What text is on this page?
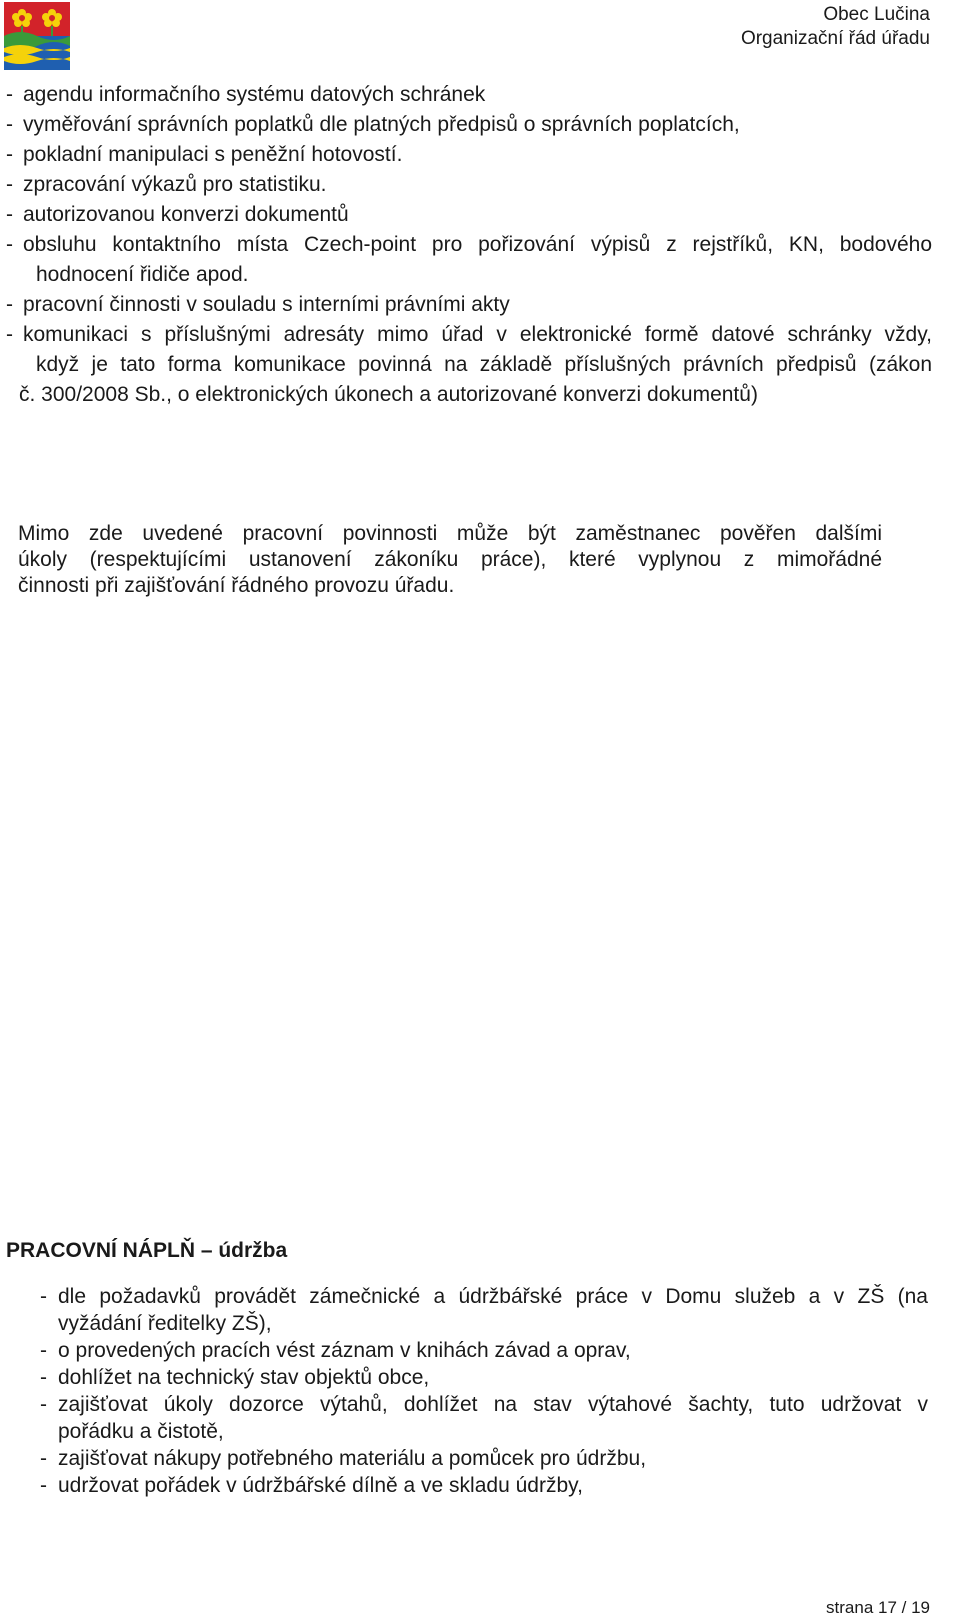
Obec Lučina
Organizační řád úřadu
- agendu informačního systému datových schránek
- vyměřování správních poplatků dle platných předpisů o správních poplatcích,
- pokladní manipulaci s peněžní hotovostí.
- zpracování výkazů pro statistiku.
- autorizovanou konverzi dokumentů
- obsluhu kontaktního místa Czech-point pro pořizování výpisů z rejstříků, KN, bodového
hodnocení řidiče apod.
- pracovní činnosti v souladu s interními právními akty
- komunikaci s příslušnými adresáty mimo úřad v elektronické formě datové schránky vždy,
když je tato forma komunikace povinná na základě příslušných právních předpisů (zákon
č. 300/2008 Sb., o elektronických úkonech a autorizované konverzi dokumentů)
Mimo zde uvedené pracovní povinnosti může být zaměstnanec pověřen dalšími
úkoly (respektujícími ustanovení zákoníku práce), které vyplynou z mimořádné
činnosti při zajišťování řádného provozu úřadu.
PRACOVNÍ NÁPLŇ – údržba
- dle požadavků provádět zámečnické a údržbářské práce v Domu služeb a v ZŠ (na
vyžádání ředitelky ZŠ),
- o provedených pracích vést záznam v knihách závad a oprav,
- dohlížet na technický stav objektů obce,
- zajišťovat úkoly dozorce výtahů, dohlížet na stav výtahové šachty, tuto udržovat v
pořádku a čistotě,
- zajišťovat nákupy potřebného materiálu a pomůcek pro údržbu,
- udržovat pořádek v údržbářské dílně a ve skladu údržby,
strana 17 / 19
